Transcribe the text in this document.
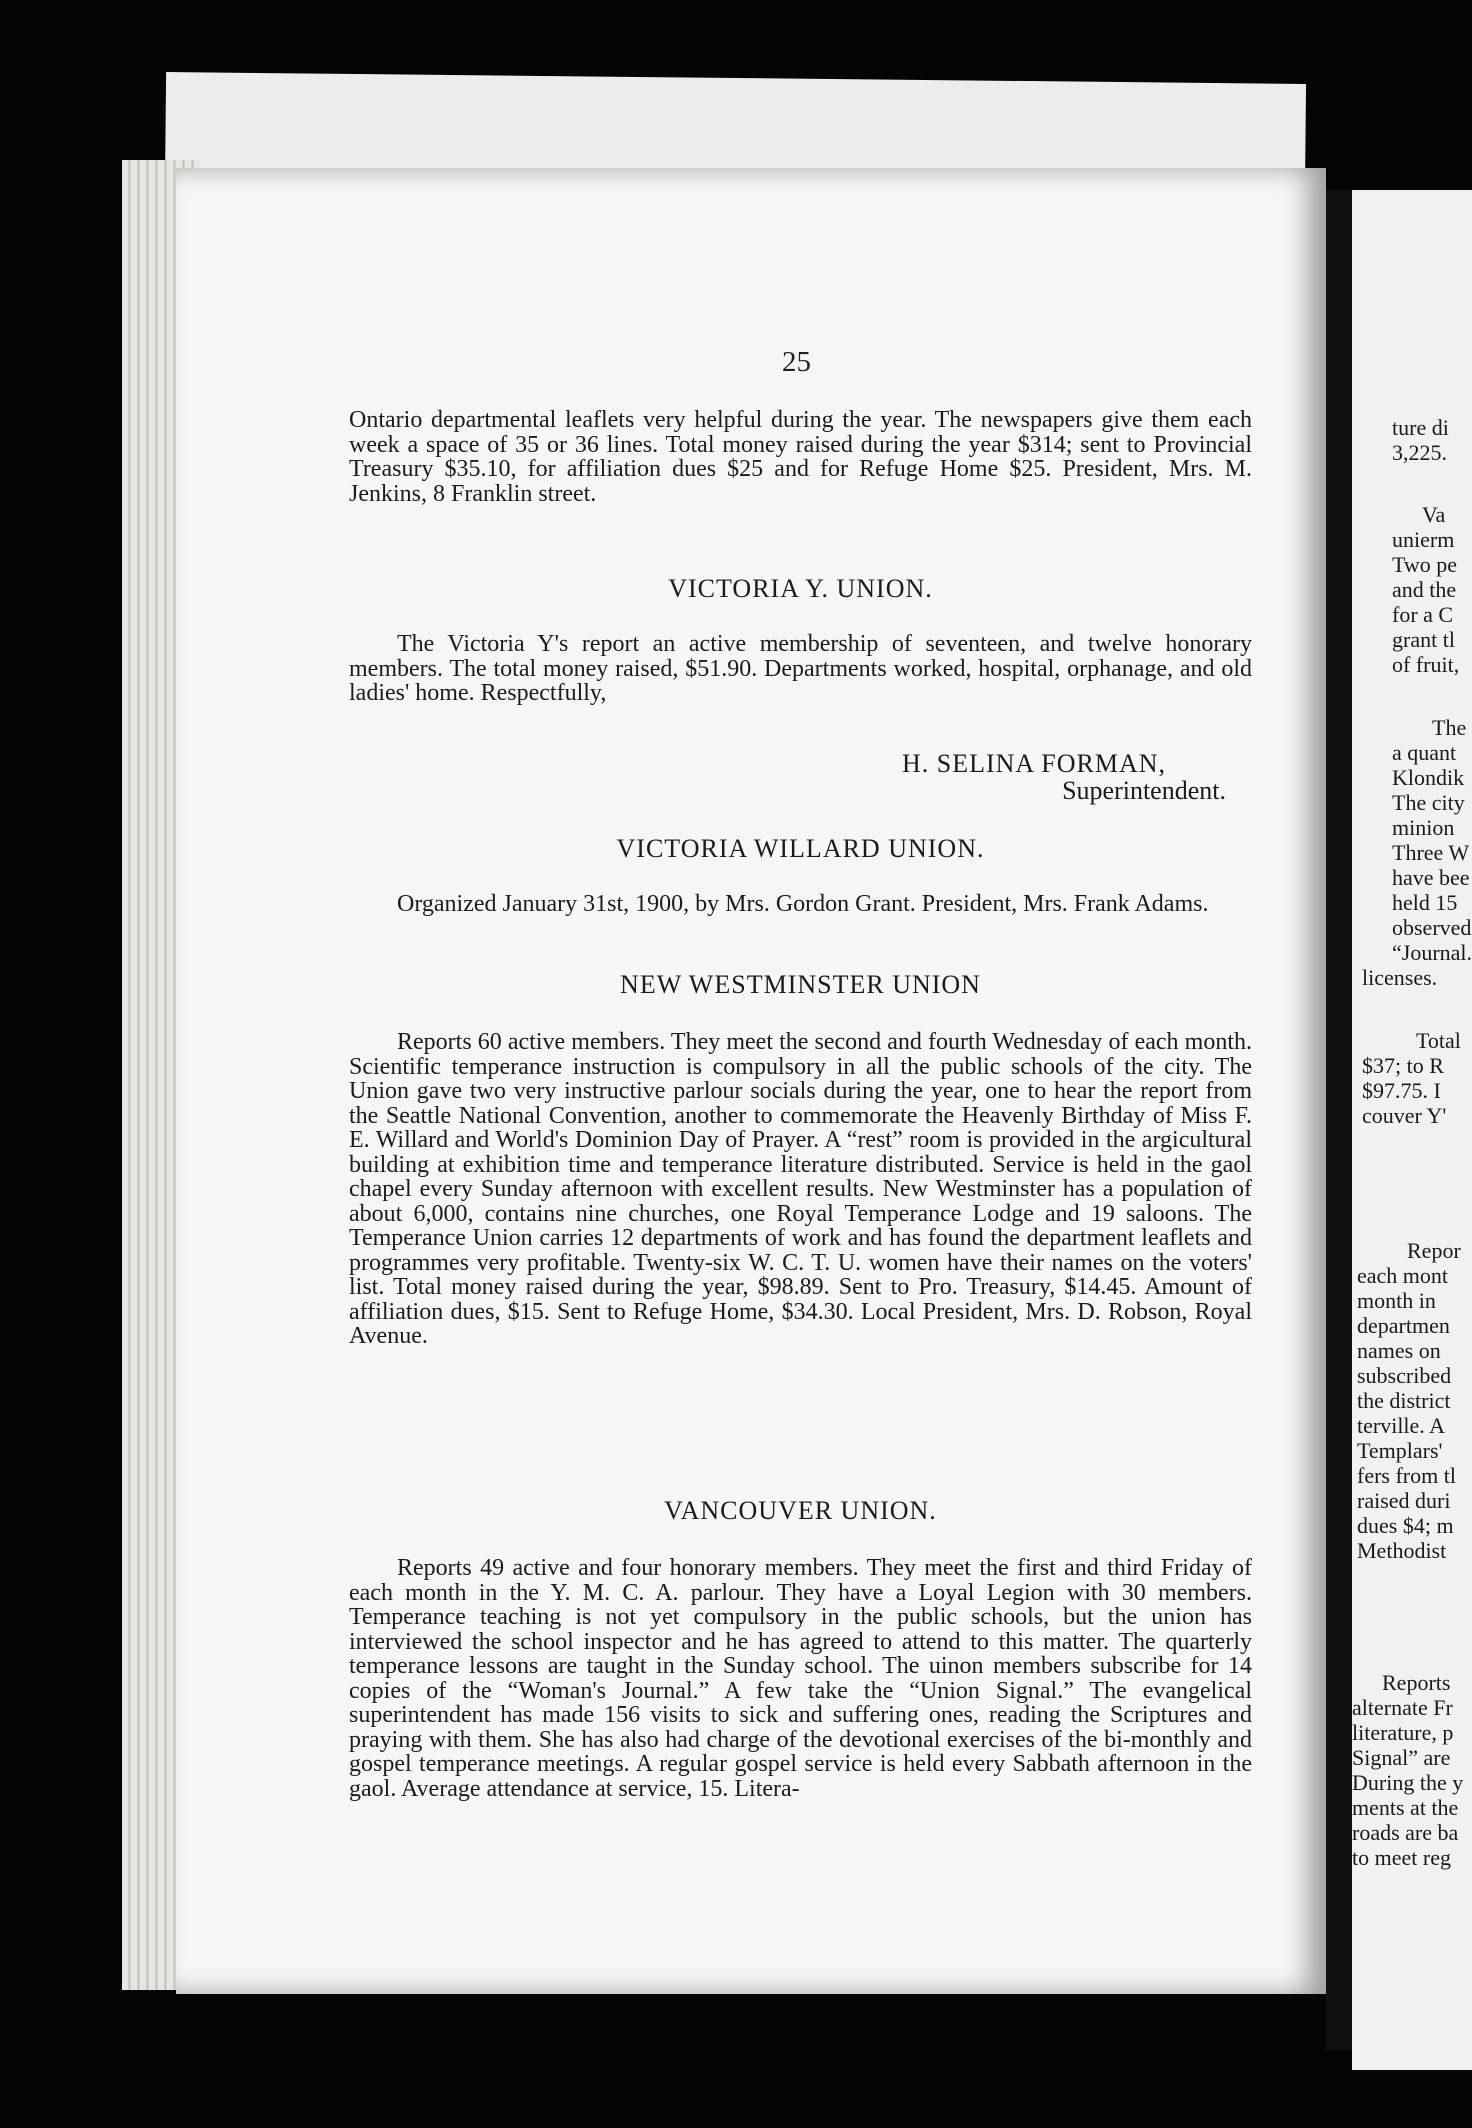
25
Ontario departmental leaflets very helpful during the year. The newspapers give them each week a space of 35 or 36 lines. Total money raised during the year $314; sent to Provincial Treasury $35.10, for affiliation dues $25 and for Refuge Home $25. President, Mrs. M. Jenkins, 8 Franklin street.
VICTORIA Y. UNION.
The Victoria Y's report an active membership of seventeen, and twelve honorary members. The total money raised, $51.90. Departments worked, hospital, orphanage, and old ladies' home. Respectfully,
H. SELINA FORMAN,
Superintendent.
VICTORIA WILLARD UNION.
Organized January 31st, 1900, by Mrs. Gordon Grant. President, Mrs. Frank Adams.
NEW WESTMINSTER UNION
Reports 60 active members. They meet the second and fourth Wednesday of each month. Scientific temperance instruction is compulsory in all the public schools of the city. The Union gave two very instructive parlour socials during the year, one to hear the report from the Seattle National Convention, another to commemorate the Heavenly Birthday of Miss F. E. Willard and World's Dominion Day of Prayer. A “rest” room is provided in the argicultural building at exhibition time and temperance literature distributed. Service is held in the gaol chapel every Sunday afternoon with excellent results. New Westminster has a population of about 6,000, contains nine churches, one Royal Temperance Lodge and 19 saloons. The Temperance Union carries 12 departments of work and has found the department leaflets and programmes very profitable. Twenty-six W. C. T. U. women have their names on the voters' list. Total money raised during the year, $98.89. Sent to Pro. Treasury, $14.45. Amount of affiliation dues, $15. Sent to Refuge Home, $34.30. Local President, Mrs. D. Robson, Royal Avenue.
VANCOUVER UNION.
Reports 49 active and four honorary members. They meet the first and third Friday of each month in the Y. M. C. A. parlour. They have a Loyal Legion with 30 members. Temperance teaching is not yet compulsory in the public schools, but the union has interviewed the school inspector and he has agreed to attend to this matter. The quarterly temperance lessons are taught in the Sunday school. The uinon members subscribe for 14 copies of the “Woman's Journal.” A few take the “Union Signal.” The evangelical superintendent has made 156 visits to sick and suffering ones, reading the Scriptures and praying with them. She has also had charge of the devotional exercises of the bi-monthly and gospel temperance meetings. A regular gospel service is held every Sabbath afternoon in the gaol. Average attendance at service, 15. Litera-
ture di
3,225.
Va
unierm
Two pe
and the
for a C
grant tl
of fruit,
The
a quant
Klondik
The city
minion
Three W
have bee
held 15
observed
“Journal.
licenses.
Total
$37; to R
$97.75. I
couver Y'
Repor
each mont
month in
departmen
names on
subscribed
the district
terville. A
Templars'
fers from tl
raised duri
dues $4; m
Methodist
Reports
alternate Fr
literature, p
Signal” are
During the y
ments at the
roads are ba
to meet reg
